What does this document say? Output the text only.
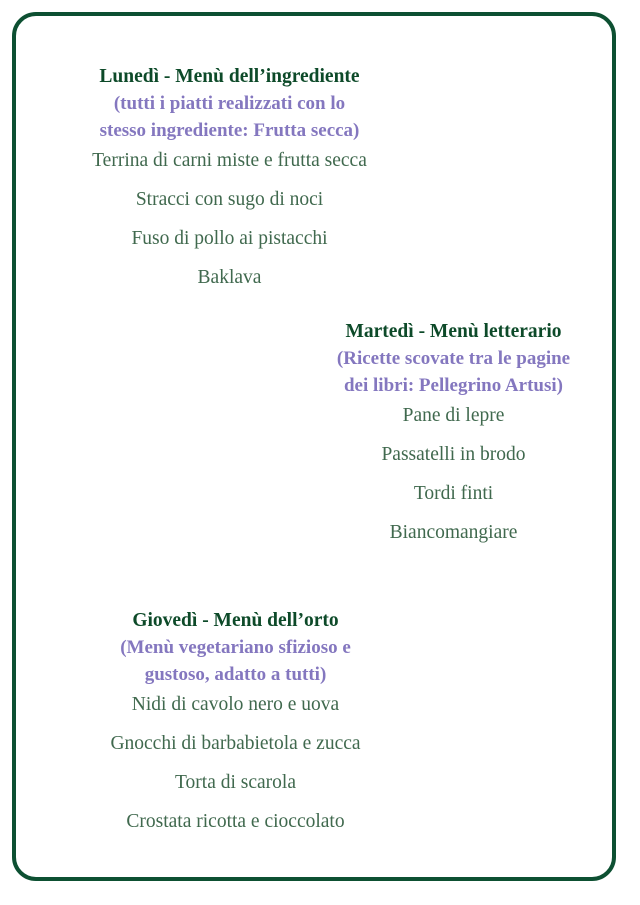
Lunedì - Menù dell’ingrediente
(tutti i piatti realizzati con lo
stesso ingrediente: Frutta secca)
Terrina di carni miste e frutta secca
Stracci con sugo di noci
Fuso di pollo ai pistacchi
Baklava
Martedì - Menù letterario
(Ricette scovate tra le pagine
dei libri: Pellegrino Artusi)
Pane di lepre
Passatelli in brodo
Tordi finti
Biancomangiare
Giovedì - Menù dell’orto
(Menù vegetariano sfizioso e
gustoso, adatto a tutti)
Nidi di cavolo nero e uova
Gnocchi di barbabietola e zucca
Torta di scarola
Crostata ricotta e cioccolato
